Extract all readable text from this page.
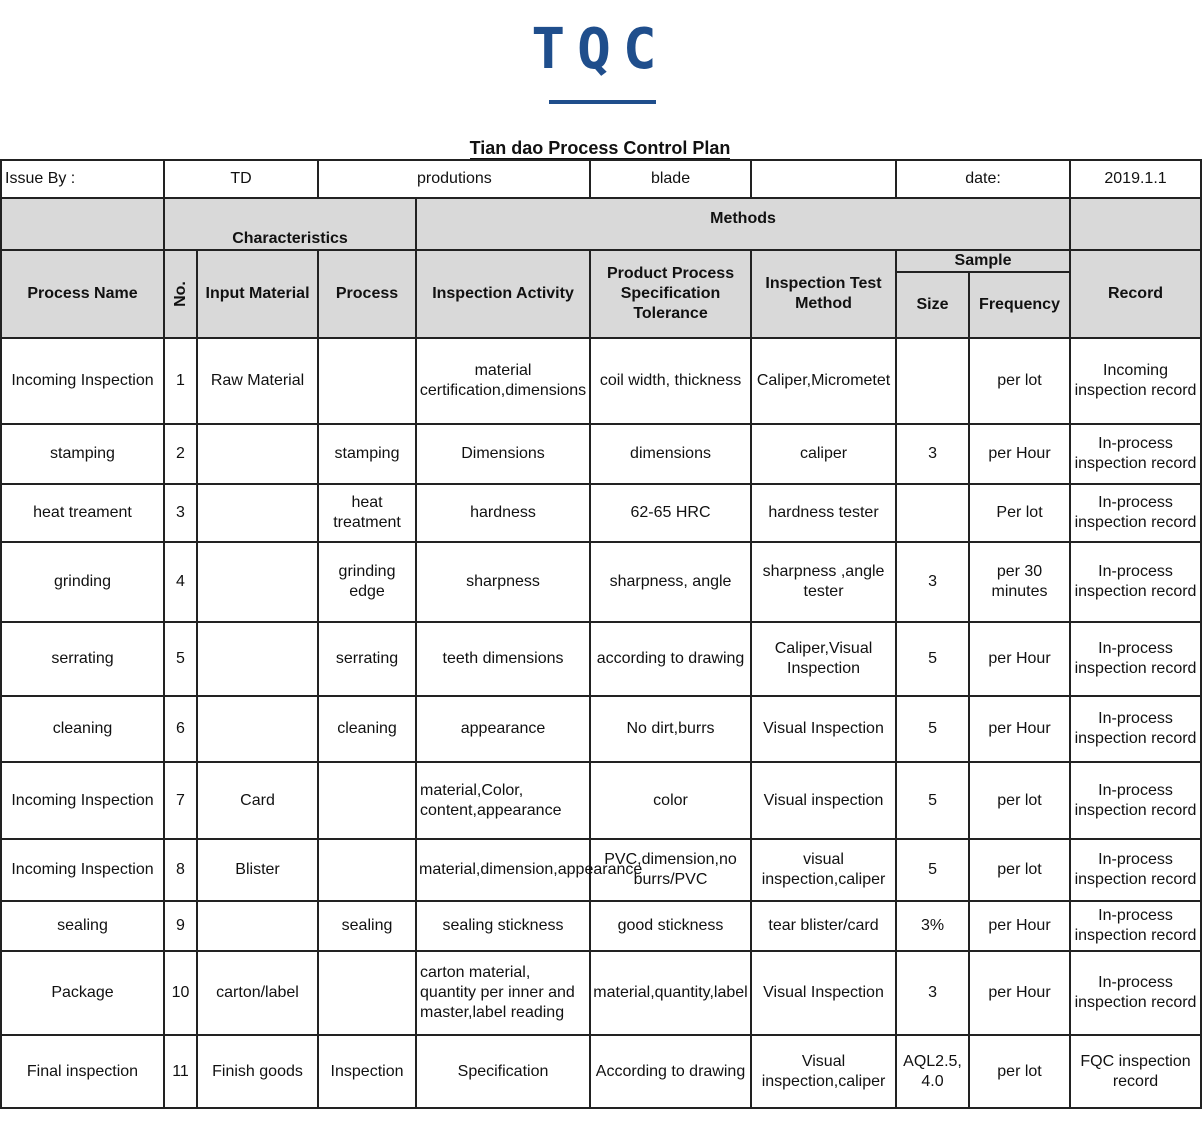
TQC
Tian dao Process Control Plan
Issue By :	TD		produtions		blade		date:		2019.1.1
	Characteristics			Methods					
Process Name	No.	Input Material	Process	Inspection Activity	Product Process Specification Tolerance	Inspection Test Method	Sample		Record
							Size	Frequency	
Incoming Inspection	1	Raw Material		material certification,dimensions	coil width, thickness	Caliper,Micrometet		per lot	Incoming inspection record
stamping	2		stamping	Dimensions	dimensions	caliper	3	per Hour	In-process inspection record
heat treament	3		heat treatment	hardness	62-65 HRC	hardness tester		Per lot	In-process inspection record
grinding	4		grinding edge	sharpness	sharpness, angle	sharpness ,angle tester	3	per 30 minutes	In-process inspection record
serrating	5		serrating	teeth dimensions	according to drawing	Caliper,Visual Inspection	5	per Hour	In-process inspection record
cleaning	6		cleaning	appearance	No dirt,burrs	Visual Inspection	5	per Hour	In-process inspection record
Incoming Inspection	7	Card		material,Color, content,appearance	color	Visual inspection	5	per lot	In-process inspection record
Incoming Inspection	8	Blister		material,dimension,appearance	PVC,dimension,no burrs/PVC	visual inspection,caliper	5	per lot	In-process inspection record
sealing	9		sealing	sealing stickness	good stickness	tear blister/card	3%	per Hour	In-process inspection record
Package	10	carton/label		carton material, quantity per inner and master,label reading	material,quantity,label	Visual Inspection	3	per Hour	In-process inspection record
Final inspection	11	Finish goods	Inspection	Specification	According to drawing	Visual inspection,caliper	AQL2.5, 4.0	per lot	FQC inspection record
